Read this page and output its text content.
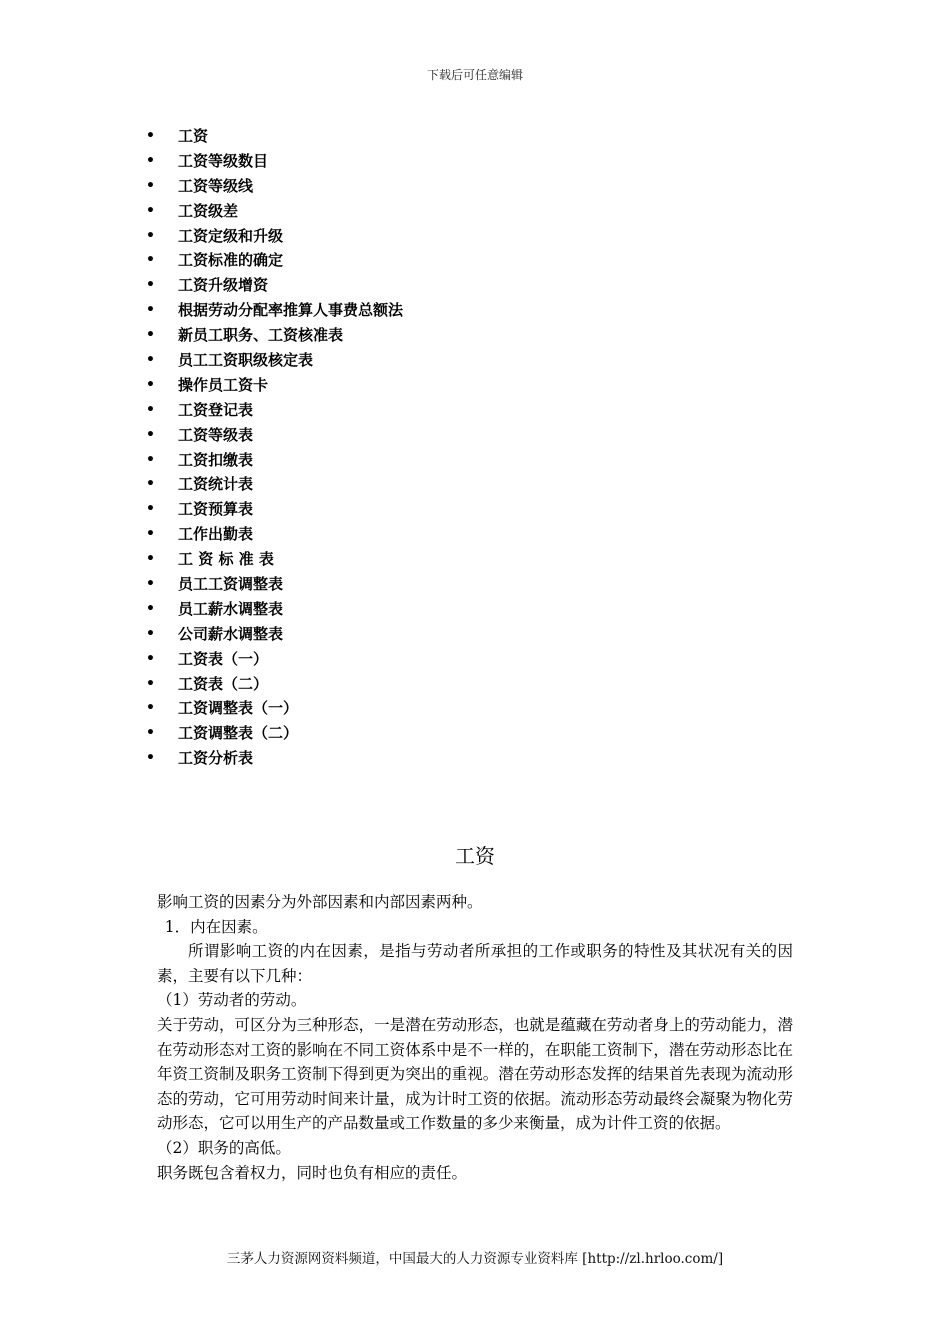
下载后可任意编辑
• 工资
• 工资等级数目
• 工资等级线
• 工资级差
• 工资定级和升级
• 工资标准的确定
• 工资升级增资
• 根据劳动分配率推算人事费总额法
• 新员工职务、工资核准表
• 员工工资职级核定表
• 操作员工资卡
• 工资登记表
• 工资等级表
• 工资扣缴表
• 工资统计表
• 工资预算表
• 工作出勤表
• 工 资 标 准 表
• 员工工资调整表
• 员工薪水调整表
• 公司薪水调整表
• 工资表（一）
• 工资表（二）
• 工资调整表（一）
• 工资调整表（二）
• 工资分析表
工资

影响工资的因素分为外部因素和内部因素两种。

1．内在因素。

所谓影响工资的内在因素，是指与劳动者所承担的工作或职务的特性及其状况有关的因素，主要有以下几种：

（1）劳动者的劳动。

关于劳动，可区分为三种形态，一是潜在劳动形态，也就是蕴藏在劳动者身上的劳动能力，潜在劳动形态对工资的影响在不同工资体系中是不一样的，在职能工资制下，潜在劳动形态比在年资工资制及职务工资制下得到更为突出的重视。潜在劳动形态发挥的结果首先表现为流动形态的劳动，它可用劳动时间来计量，成为计时工资的依据。流动形态劳动最终会凝聚为物化劳动形态，它可以用生产的产品数量或工作数量的多少来衡量，成为计件工资的依据。

（2）职务的高低。

职务既包含着权力，同时也负有相应的责任。

三茅人力资源网资料频道，中国最大的人力资源专业资料库 [http://zl.hrloo.com/]
